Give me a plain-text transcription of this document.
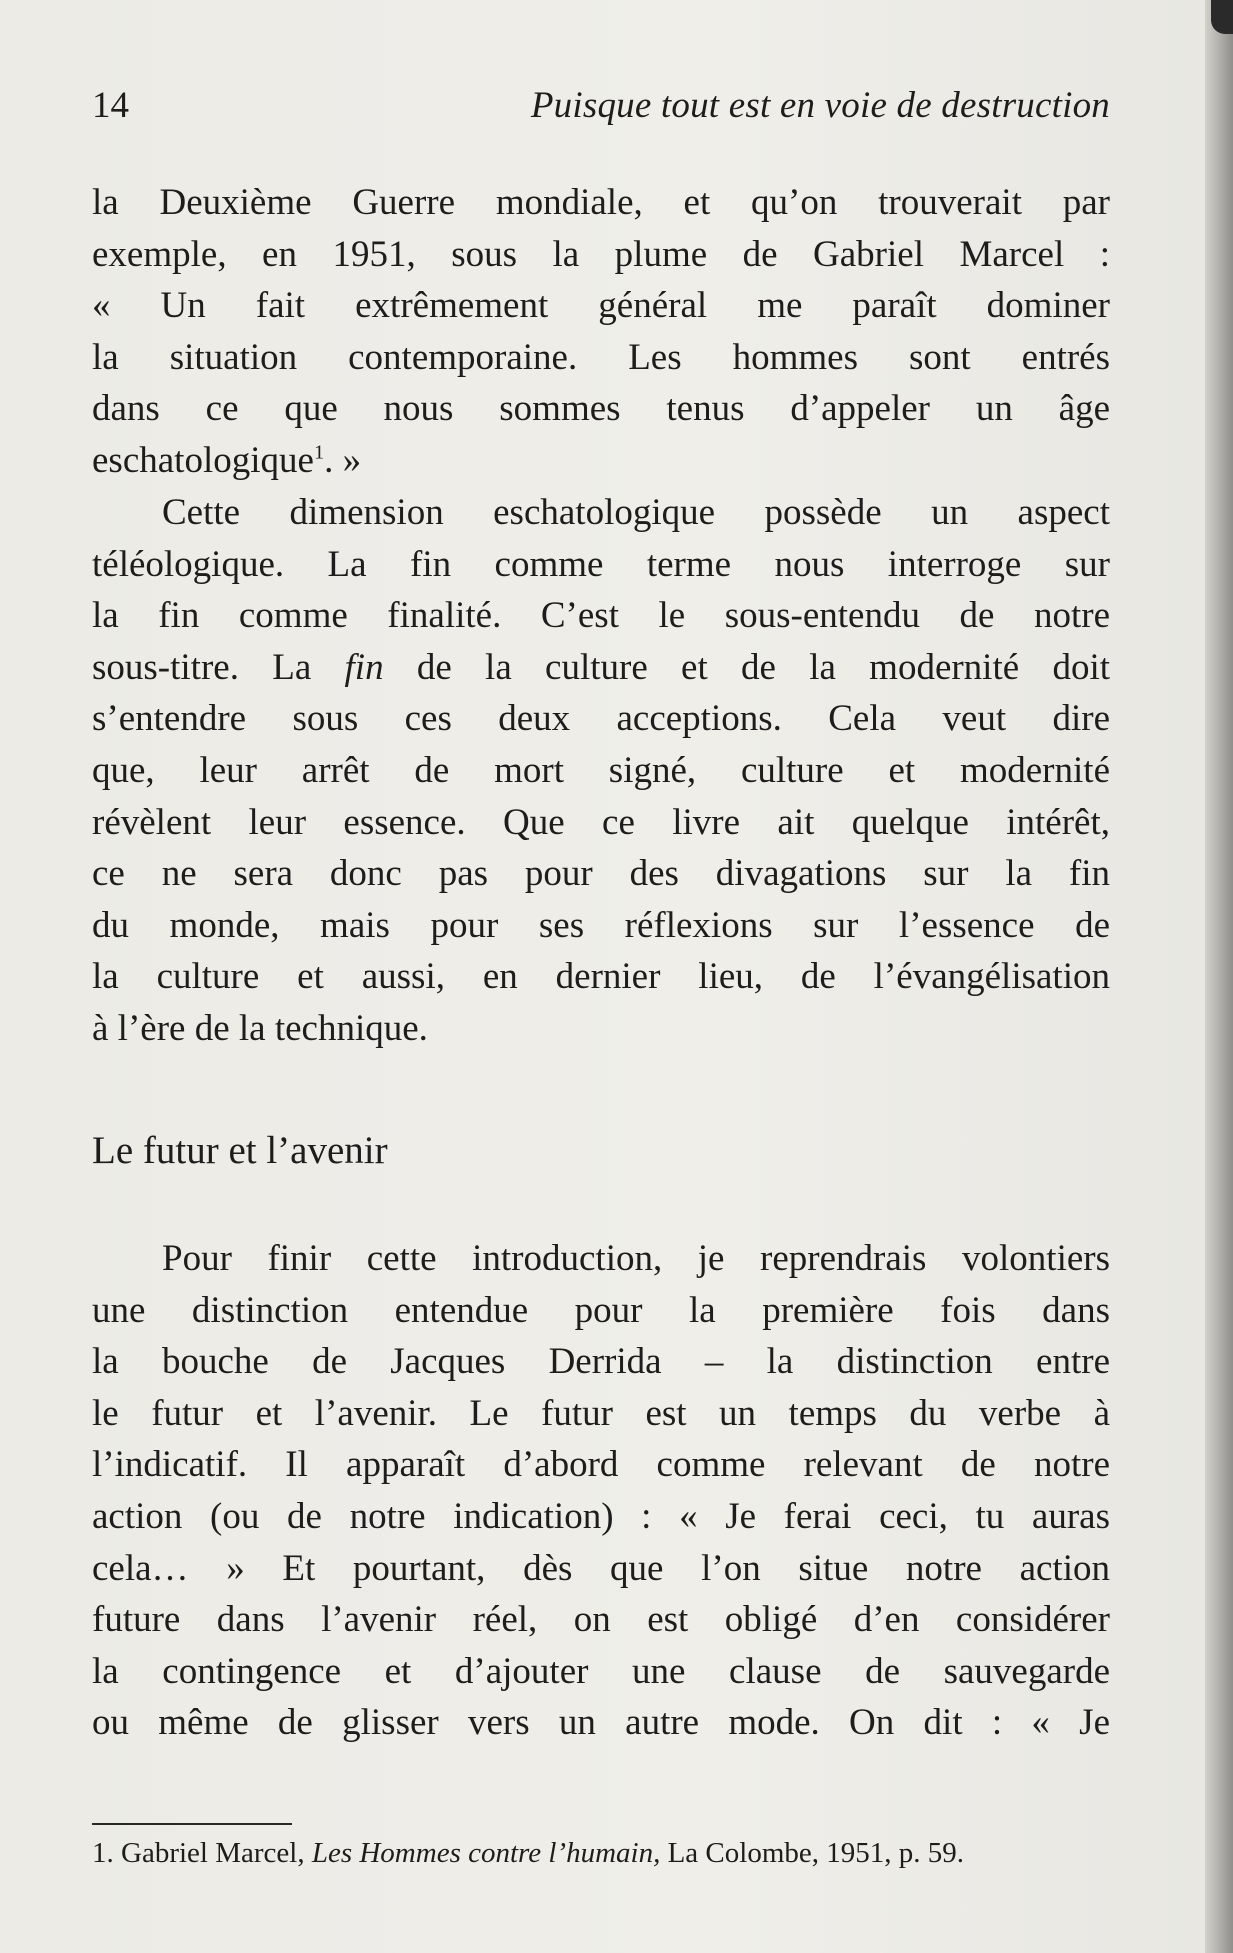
14	Puisque tout est en voie de destruction
la Deuxième Guerre mondiale, et qu’on trouverait par
exemple, en 1951, sous la plume de Gabriel Marcel :
« Un fait extrêmement général me paraît dominer
la situation contemporaine. Les hommes sont entrés
dans ce que nous sommes tenus d’appeler un âge
eschatologique$^1$. »
Cette dimension eschatologique possède un aspect
téléologique. La fin comme terme nous interroge sur
la fin comme finalité. C’est le sous-entendu de notre
sous-titre. La fin de la culture et de la modernité doit
s’entendre sous ces deux acceptions. Cela veut dire
que, leur arrêt de mort signé, culture et modernité
révèlent leur essence. Que ce livre ait quelque intérêt,
ce ne sera donc pas pour des divagations sur la fin
du monde, mais pour ses réflexions sur l’essence de
la culture et aussi, en dernier lieu, de l’évangélisation
à l’ère de la technique.
Le futur et l’avenir
Pour finir cette introduction, je reprendrais volontiers
une distinction entendue pour la première fois dans
la bouche de Jacques Derrida – la distinction entre
le futur et l’avenir. Le futur est un temps du verbe à
l’indicatif. Il apparaît d’abord comme relevant de notre
action (ou de notre indication) : « Je ferai ceci, tu auras
cela… » Et pourtant, dès que l’on situe notre action
future dans l’avenir réel, on est obligé d’en considérer
la contingence et d’ajouter une clause de sauvegarde
ou même de glisser vers un autre mode. On dit : « Je
1. Gabriel Marcel, Les Hommes contre l’humain, La Colombe, 1951, p. 59.
